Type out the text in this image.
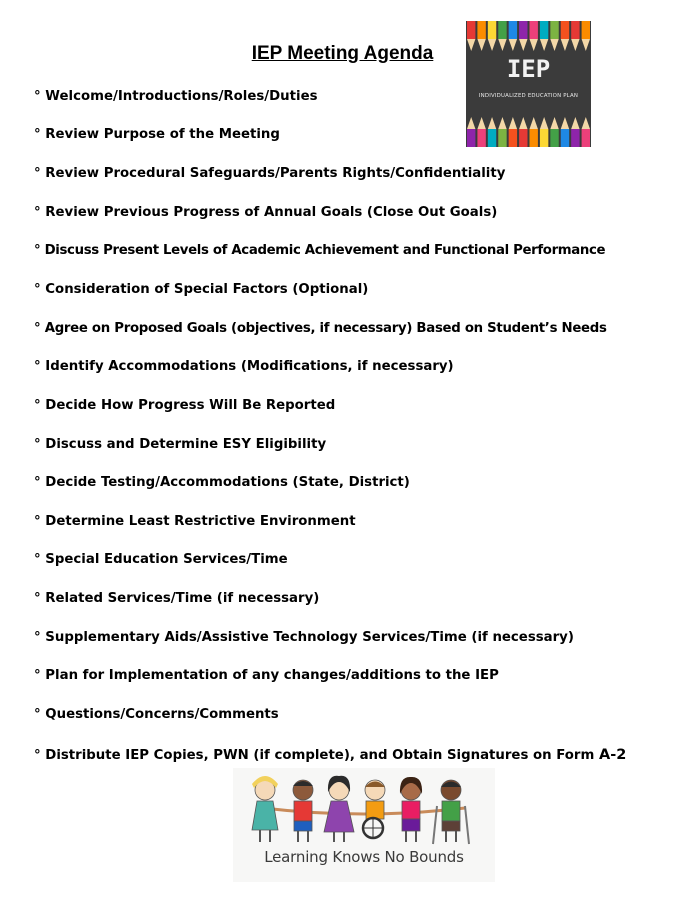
IEP Meeting Agenda
IEP
INDIVIDUALIZED EDUCATION PLAN

° Welcome/Introductions/Roles/Duties

° Review Purpose of the Meeting

° Review Procedural Safeguards/Parents Rights/Confidentiality

° Review Previous Progress of Annual Goals (Close Out Goals)

° Discuss Present Levels of Academic Achievement and Functional Performance

° Consideration of Special Factors (Optional)

° Agree on Proposed Goals (objectives, if necessary) Based on Student’s Needs

° Identify Accommodations (Modifications, if necessary)

° Decide How Progress Will Be Reported

° Discuss and Determine ESY Eligibility

° Decide Testing/Accommodations (State, District)

° Determine Least Restrictive Environment

° Special Education Services/Time

° Related Services/Time (if necessary)

° Supplementary Aids/Assistive Technology Services/Time (if necessary)

° Plan for Implementation of any changes/additions to the IEP

° Questions/Concerns/Comments

° Distribute IEP Copies, PWN (if complete), and Obtain Signatures on Form A-2

Learning Knows No Bounds
